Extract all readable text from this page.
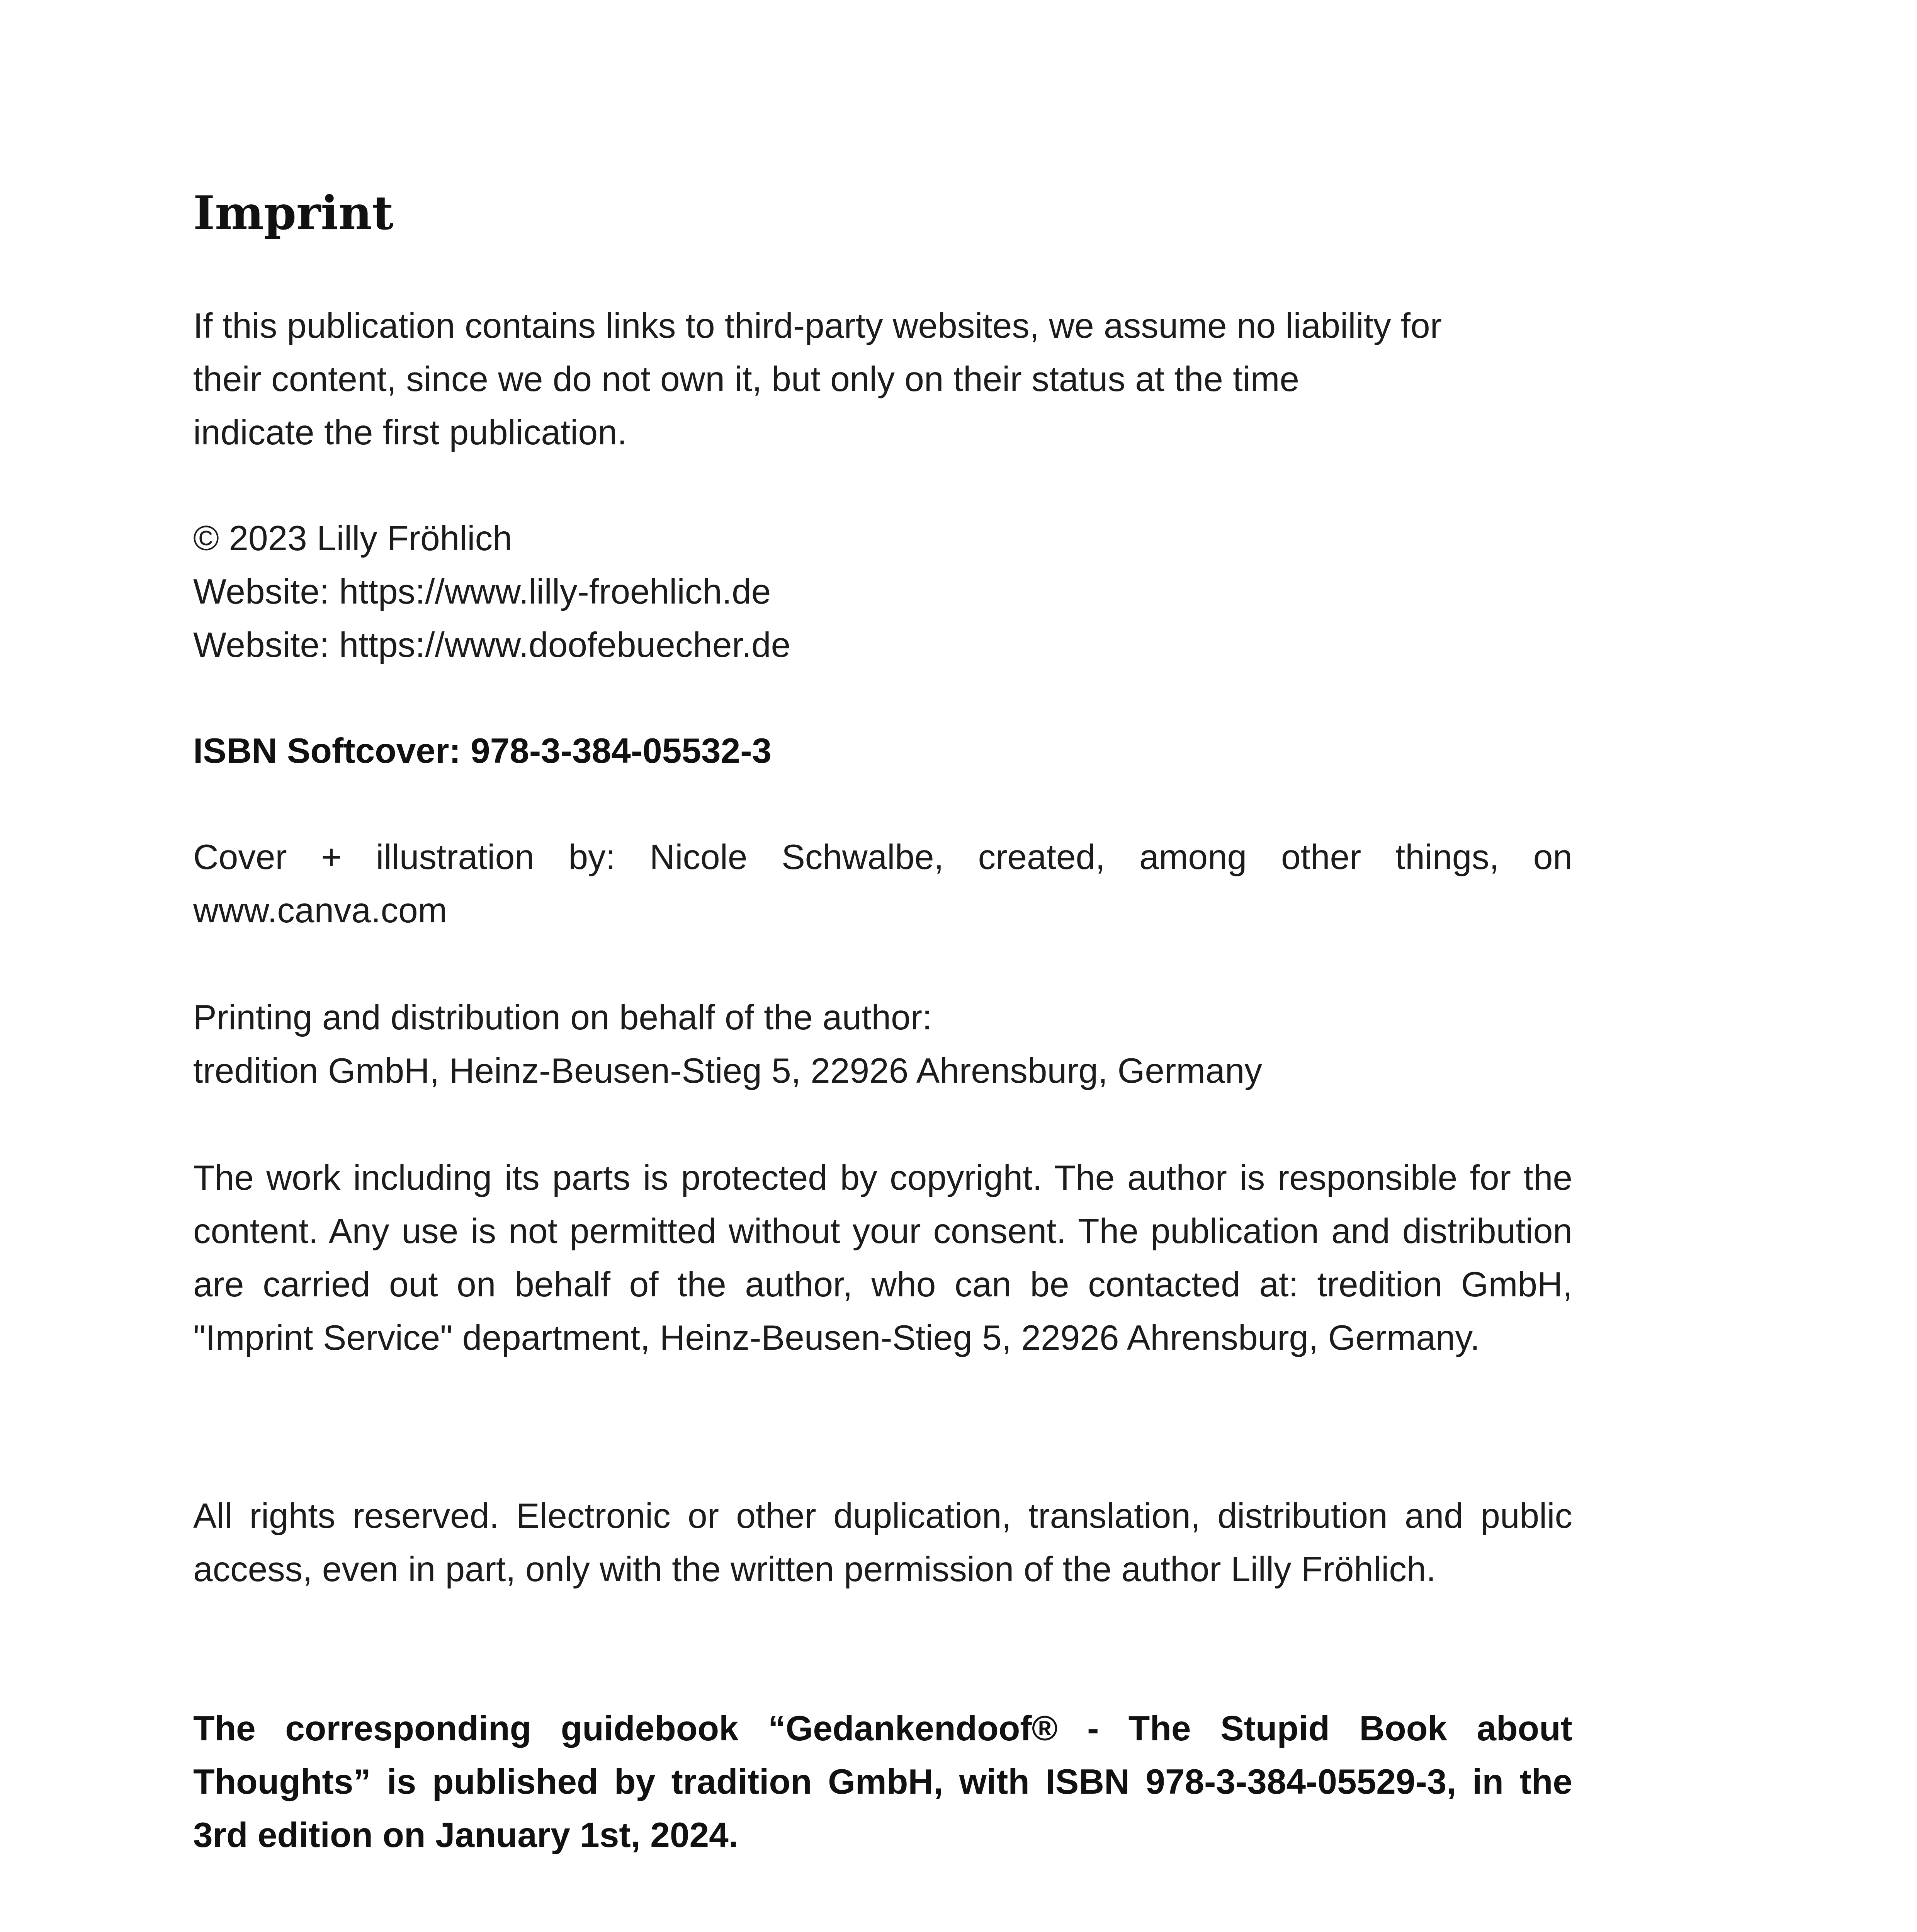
Imprint

If this publication contains links to third-party websites, we assume no liability for
their content, since we do not own it, but only on their status at the time
indicate the first publication.

© 2023 Lilly Fröhlich
Website: https://www.lilly-froehlich.de
Website: https://www.doofebuecher.de

ISBN Softcover: 978-3-384-05532-3

Cover + illustration by: Nicole Schwalbe, created, among other things, on www.canva.com

Printing and distribution on behalf of the author:
tredition GmbH, Heinz-Beusen-Stieg 5, 22926 Ahrensburg, Germany

The work including its parts is protected by copyright. The author is responsible for the content. Any use is not permitted without your consent. The publication and distribution are carried out on behalf of the author, who can be contacted at: tredition GmbH, "Imprint Service" department, Heinz-Beusen-Stieg 5, 22926 Ahrensburg, Germany.

All rights reserved. Electronic or other duplication, translation, distribution and public access, even in part, only with the written permission of the author Lilly Fröhlich.

The corresponding guidebook “Gedankendoof® - The Stupid Book about Thoughts” is published by tradition GmbH, with ISBN 978-3-384-05529-3, in the 3rd edition on January 1st, 2024.
